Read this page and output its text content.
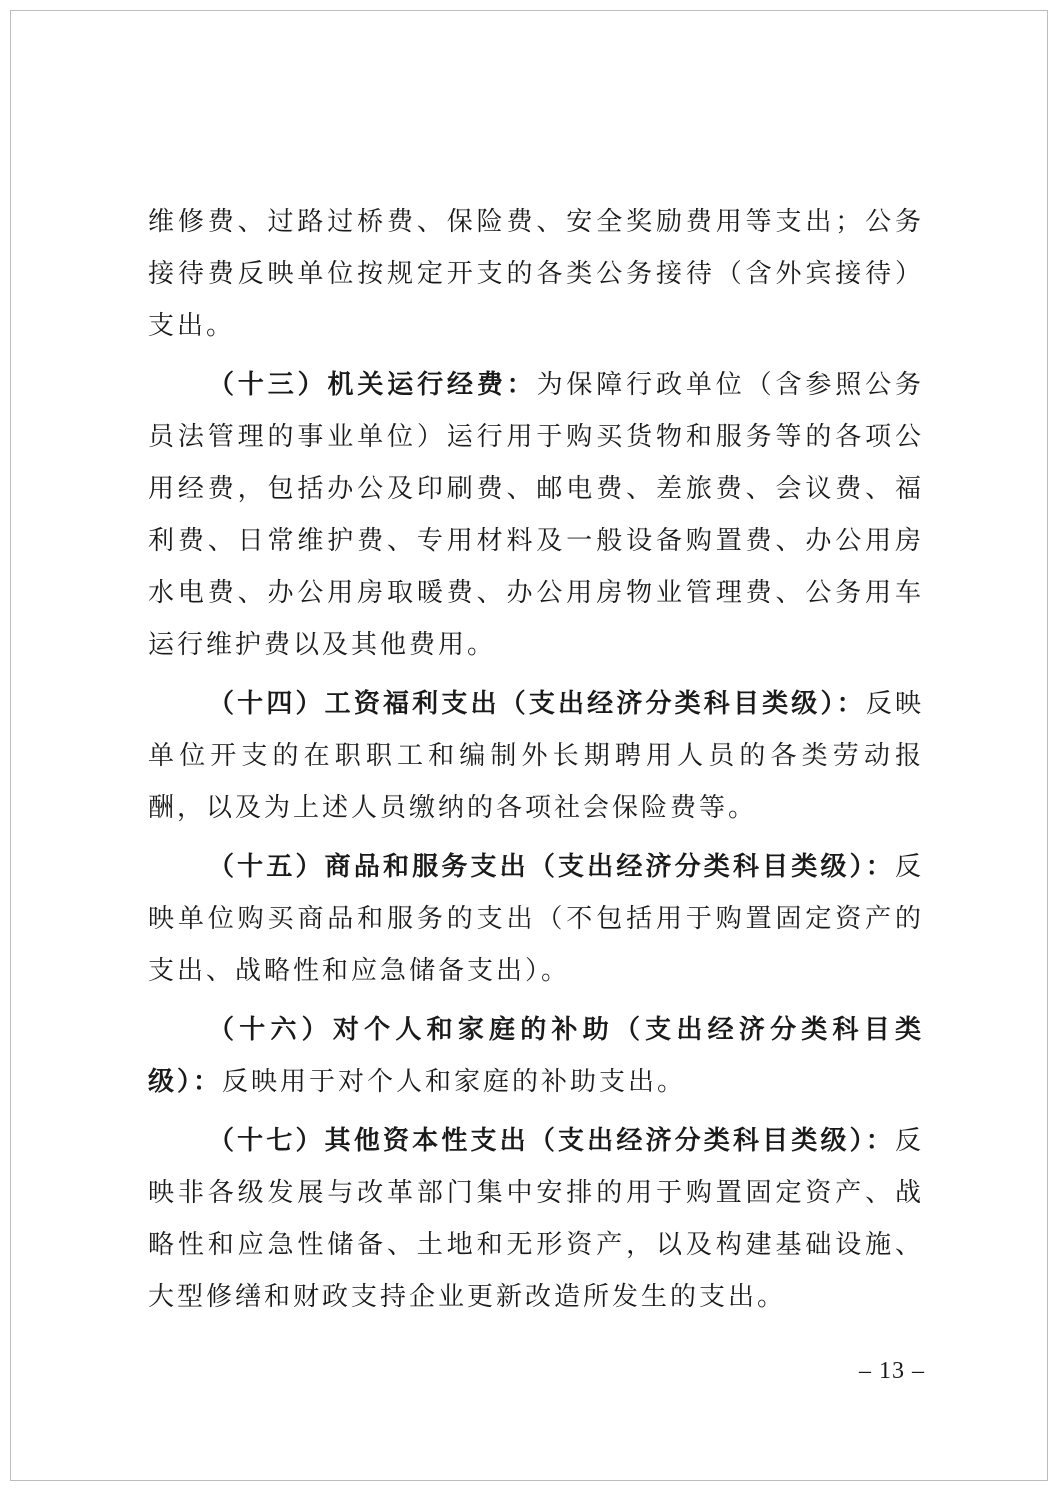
维修费、过路过桥费、保险费、安全奖励费用等支出；公务接待费反映单位按规定开支的各类公务接待（含外宾接待）支出。

（十三）机关运行经费：为保障行政单位（含参照公务员法管理的事业单位）运行用于购买货物和服务等的各项公用经费，包括办公及印刷费、邮电费、差旅费、会议费、福利费、日常维护费、专用材料及一般设备购置费、办公用房水电费、办公用房取暖费、办公用房物业管理费、公务用车运行维护费以及其他费用。

（十四）工资福利支出（支出经济分类科目类级）：反映单位开支的在职职工和编制外长期聘用人员的各类劳动报酬，以及为上述人员缴纳的各项社会保险费等。

（十五）商品和服务支出（支出经济分类科目类级）：反映单位购买商品和服务的支出（不包括用于购置固定资产的支出、战略性和应急储备支出）。

（十六）对个人和家庭的补助（支出经济分类科目类级）：反映用于对个人和家庭的补助支出。

（十七）其他资本性支出（支出经济分类科目类级）：反映非各级发展与改革部门集中安排的用于购置固定资产、战略性和应急性储备、土地和无形资产，以及构建基础设施、大型修缮和财政支持企业更新改造所发生的支出。

– 13 –
